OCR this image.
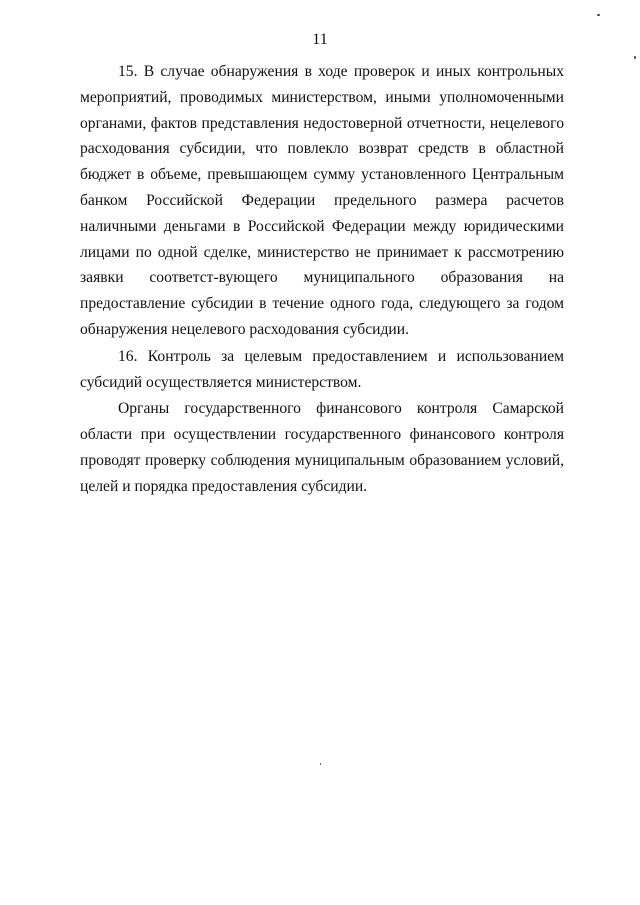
11

15. В случае обнаружения в ходе проверок и иных контрольных мероприятий, проводимых министерством, иными уполномоченными органами, фактов представления недостоверной отчетности, нецелевого расходования субсидии, что повлекло возврат средств в областной бюджет в объеме, превышающем сумму установленного Центральным банком Российской Федерации предельного размера расчетов наличными деньгами в Российской Федерации между юридическими лицами по одной сделке, министерство не принимает к рассмотрению заявки соответст-вующего муниципального образования на предоставление субсидии в течение одного года, следующего за годом обнаружения нецелевого расходования субсидии.

16. Контроль за целевым предоставлением и использованием субсидий осуществляется министерством.

Органы государственного финансового контроля Самарской области при осуществлении государственного финансового контроля проводят проверку соблюдения муниципальным образованием условий, целей и порядка предоставления субсидии.
